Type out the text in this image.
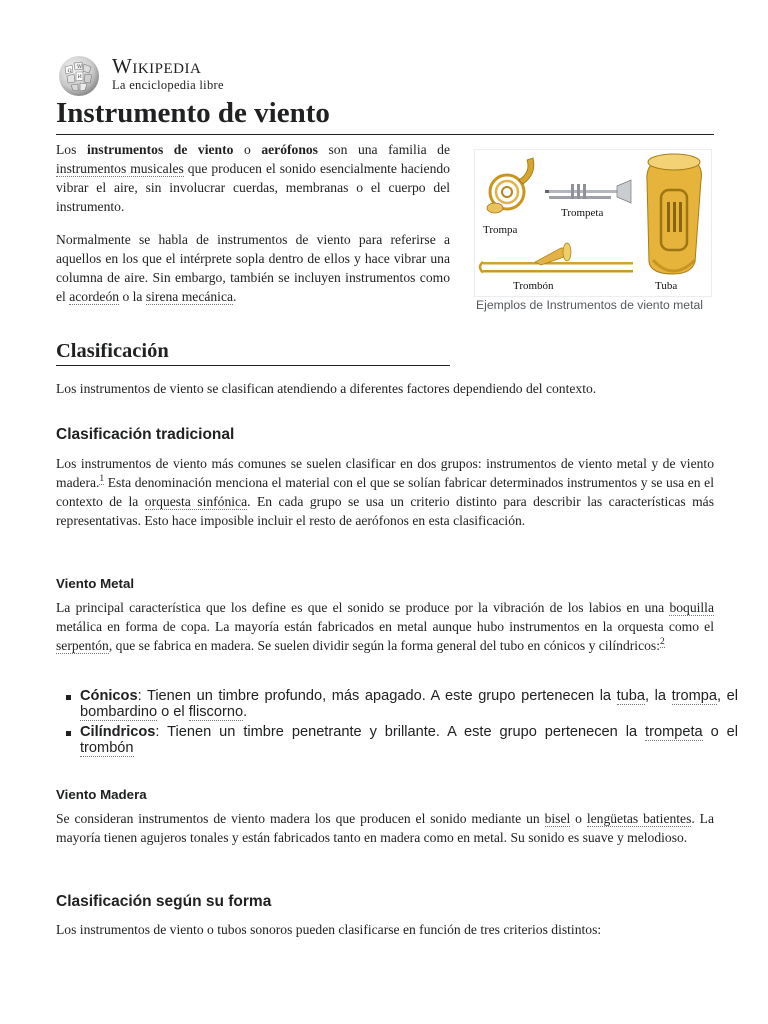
Ω
W
И Wikipedia
La enciclopedia libre
Instrumento de viento

Los instrumentos de viento o aerófonos son una familia de instrumentos musicales que producen el sonido esencialmente haciendo vibrar el aire, sin involucrar cuerdas, membranas o el cuerpo del instrumento.

Normalmente se habla de instrumentos de viento para referirse a aquellos en los que el intérprete sopla dentro de ellos y hace vibrar una columna de aire. Sin embargo, también se incluyen instrumentos como el acordeón o la sirena mecánica.

Trompa
Trompeta
Trombón	Tuba
Ejemplos de Instrumentos de viento metal
Clasificación

Los instrumentos de viento se clasifican atendiendo a diferentes factores dependiendo del contexto.

Clasificación tradicional

Los instrumentos de viento más comunes se suelen clasificar en dos grupos: instrumentos de viento metal y de viento madera.$^1$ Esta denominación menciona el material con el que se solían fabricar determinados instrumentos y se usa en el contexto de la orquesta sinfónica. En cada grupo se usa un criterio distinto para describir las características más representativas. Esto hace imposible incluir el resto de aerófonos en esta clasificación.

Viento Metal

La principal característica que los define es que el sonido se produce por la vibración de los labios en una boquilla metálica en forma de copa. La mayoría están fabricados en metal aunque hubo instrumentos en la orquesta como el serpentón, que se fabrica en madera. Se suelen dividir según la forma general del tubo en cónicos y cilíndricos:$^2$

Cónicos: Tienen un timbre profundo, más apagado. A este grupo pertenecen la tuba, la trompa, el bombardino o el fliscorno.
Cilíndricos: Tienen un timbre penetrante y brillante. A este grupo pertenecen la trompeta o el trombón
Viento Madera

Se consideran instrumentos de viento madera los que producen el sonido mediante un bisel o lengüetas batientes. La mayoría tienen agujeros tonales y están fabricados tanto en madera como en metal. Su sonido es suave y melodioso.

Clasificación según su forma

Los instrumentos de viento o tubos sonoros pueden clasificarse en función de tres criterios distintos:
